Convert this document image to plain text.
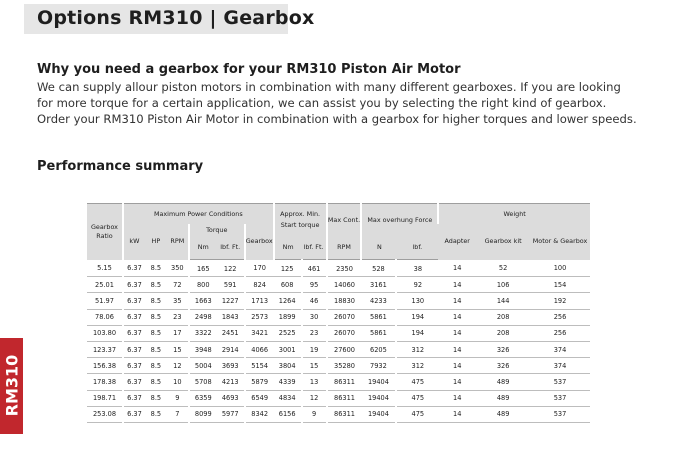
Options RM310 | Gearbox
Why you need a gearbox for your RM310 Piston Air Motor
We can supply allour piston motors in combination with many different gearboxes. If you are looking for more torque for a certain application, we can assist you by selecting the right kind of gearbox. Order your RM310 Piston Air Motor in combination with a gearbox for higher torques and lower speeds.
Performance summary
Gearbox Ratio	Maximum Power Conditions						Approx. Min. Start torque		Max Cont.	Max overhung Force		Weight		
	kW	HP	RPM	Torque		Gearbox						Adapter	Gearbox kit	Motor & Gearbox
				Nm	lbf. Ft.		Nm	lbf. Ft.	RPM	N	lbf.			
5.15	6.37	8.5	350	165	122	170	125	461	2350	528	38	14	52	100
25.01	6.37	8.5	72	800	591	824	608	95	14060	3161	92	14	106	154
51.97	6.37	8.5	35	1663	1227	1713	1264	46	18830	4233	130	14	144	192
78.06	6.37	8.5	23	2498	1843	2573	1899	30	26070	5861	194	14	208	256
103.80	6.37	8.5	17	3322	2451	3421	2525	23	26070	5861	194	14	208	256
123.37	6.37	8.5	15	3948	2914	4066	3001	19	27600	6205	312	14	326	374
156.38	6.37	8.5	12	5004	3693	5154	3804	15	35280	7932	312	14	326	374
178.38	6.37	8.5	10	5708	4213	5879	4339	13	86311	19404	475	14	489	537
198.71	6.37	8.5	9	6359	4693	6549	4834	12	86311	19404	475	14	489	537
253.08	6.37	8.5	7	8099	5977	8342	6156	9	86311	19404	475	14	489	537
RM310
